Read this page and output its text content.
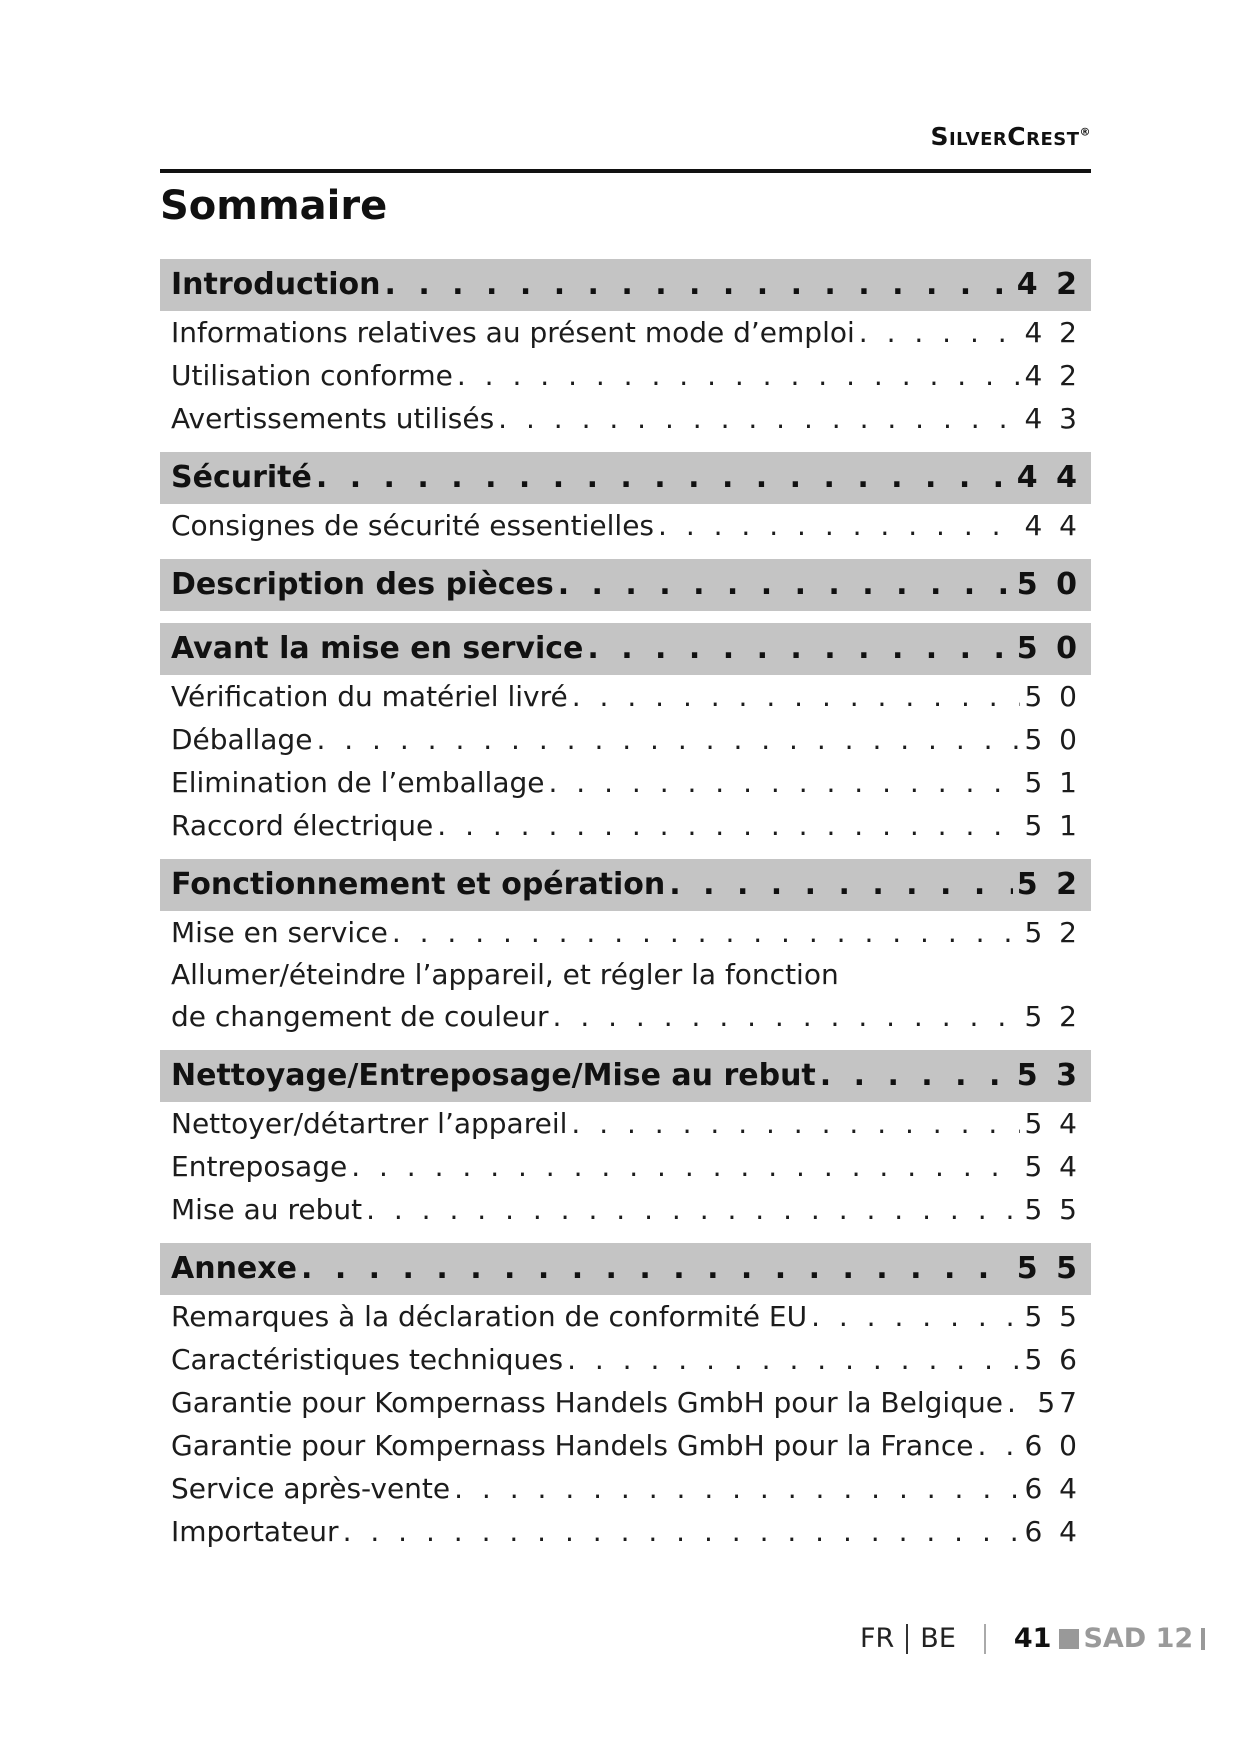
SilverCrest®
Sommaire
Introduction . . .	4 2
Informations relatives au présent mode d’emploi . . .	4 2
Utilisation conforme . . .	4 2
Avertissements utilisés . . .	4 3
Sécurité . . .	4 4
Consignes de sécurité essentielles . . .	4 4
Description des pièces . . .	5 0
Avant la mise en service . . .	5 0
Vérification du matériel livré . . .	5 0
Déballage . . .	5 0
Elimination de l’emballage . . .	5 1
Raccord électrique . . .	5 1
Fonctionnement et opération . . .	5 2
Mise en service . . .	5 2
Allumer/éteindre l’appareil, et régler la fonction
de changement de couleur . . .	5 2
Nettoyage/Entreposage/Mise au rebut . . .	5 3
Nettoyer/détartrer l’appareil . . .	5 4
Entreposage . . .	5 4
Mise au rebut . . .	5 5
Annexe . . .	5 5
Remarques à la déclaration de conformité EU . . .	5 5
Caractéristiques techniques . . .	5 6
Garantie pour Kompernass Handels GmbH pour la Belgique . . . 57
Garantie pour Kompernass Handels GmbH pour la France . . . 6 0
Service après-vente . . .	6 4
Importateur . . .	6 4
FR BE 41 SAD 12
